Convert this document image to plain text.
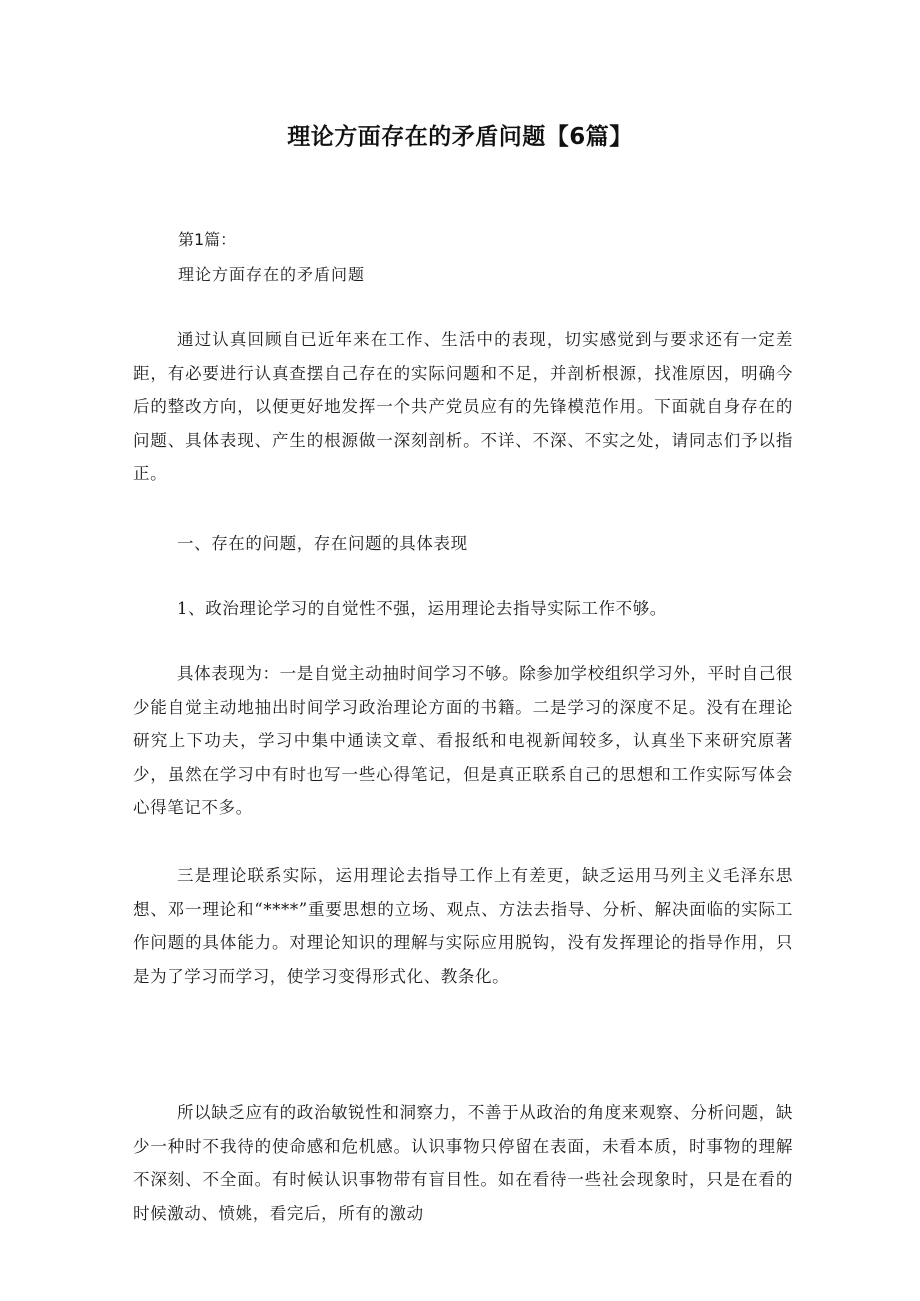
理论方面存在的矛盾问题【6篇】
第1篇：
理论方面存在的矛盾问题

通过认真回顾自已近年来在工作、生活中的表现，切实感觉到与要求还有一定差距，有必要进行认真查摆自己存在的实际问题和不足，并剖析根源，找准原因，明确今后的整改方向，以便更好地发挥一个共产党员应有的先锋模范作用。下面就自身存在的问题、具体表现、产生的根源做一深刻剖析。不详、不深、不实之处，请同志们予以指正。

一、存在的问题，存在问题的具体表现

1、政治理论学习的自觉性不强，运用理论去指导实际工作不够。

具体表现为：一是自觉主动抽时间学习不够。除参加学校组织学习外，平时自己很少能自觉主动地抽出时间学习政治理论方面的书籍。二是学习的深度不足。没有在理论研究上下功夫，学习中集中通读文章、看报纸和电视新闻较多，认真坐下来研究原著少，虽然在学习中有时也写一些心得笔记，但是真正联系自己的思想和工作实际写体会心得笔记不多。

三是理论联系实际，运用理论去指导工作上有差更，缺乏运用马列主义毛泽东思想、邓一理论和“****”重要思想的立场、观点、方法去指导、分析、解决面临的实际工作问题的具体能力。对理论知识的理解与实际应用脱钩，没有发挥理论的指导作用，只是为了学习而学习，使学习变得形式化、教条化。

所以缺乏应有的政治敏锐性和洞察力，不善于从政治的角度来观察、分析问题，缺少一种时不我待的使命感和危机感。认识事物只停留在表面，未看本质，时事物的理解不深刻、不全面。有时候认识事物带有盲目性。如在看待一些社会现象时，只是在看的时候激动、愤姚，看完后，所有的激动
